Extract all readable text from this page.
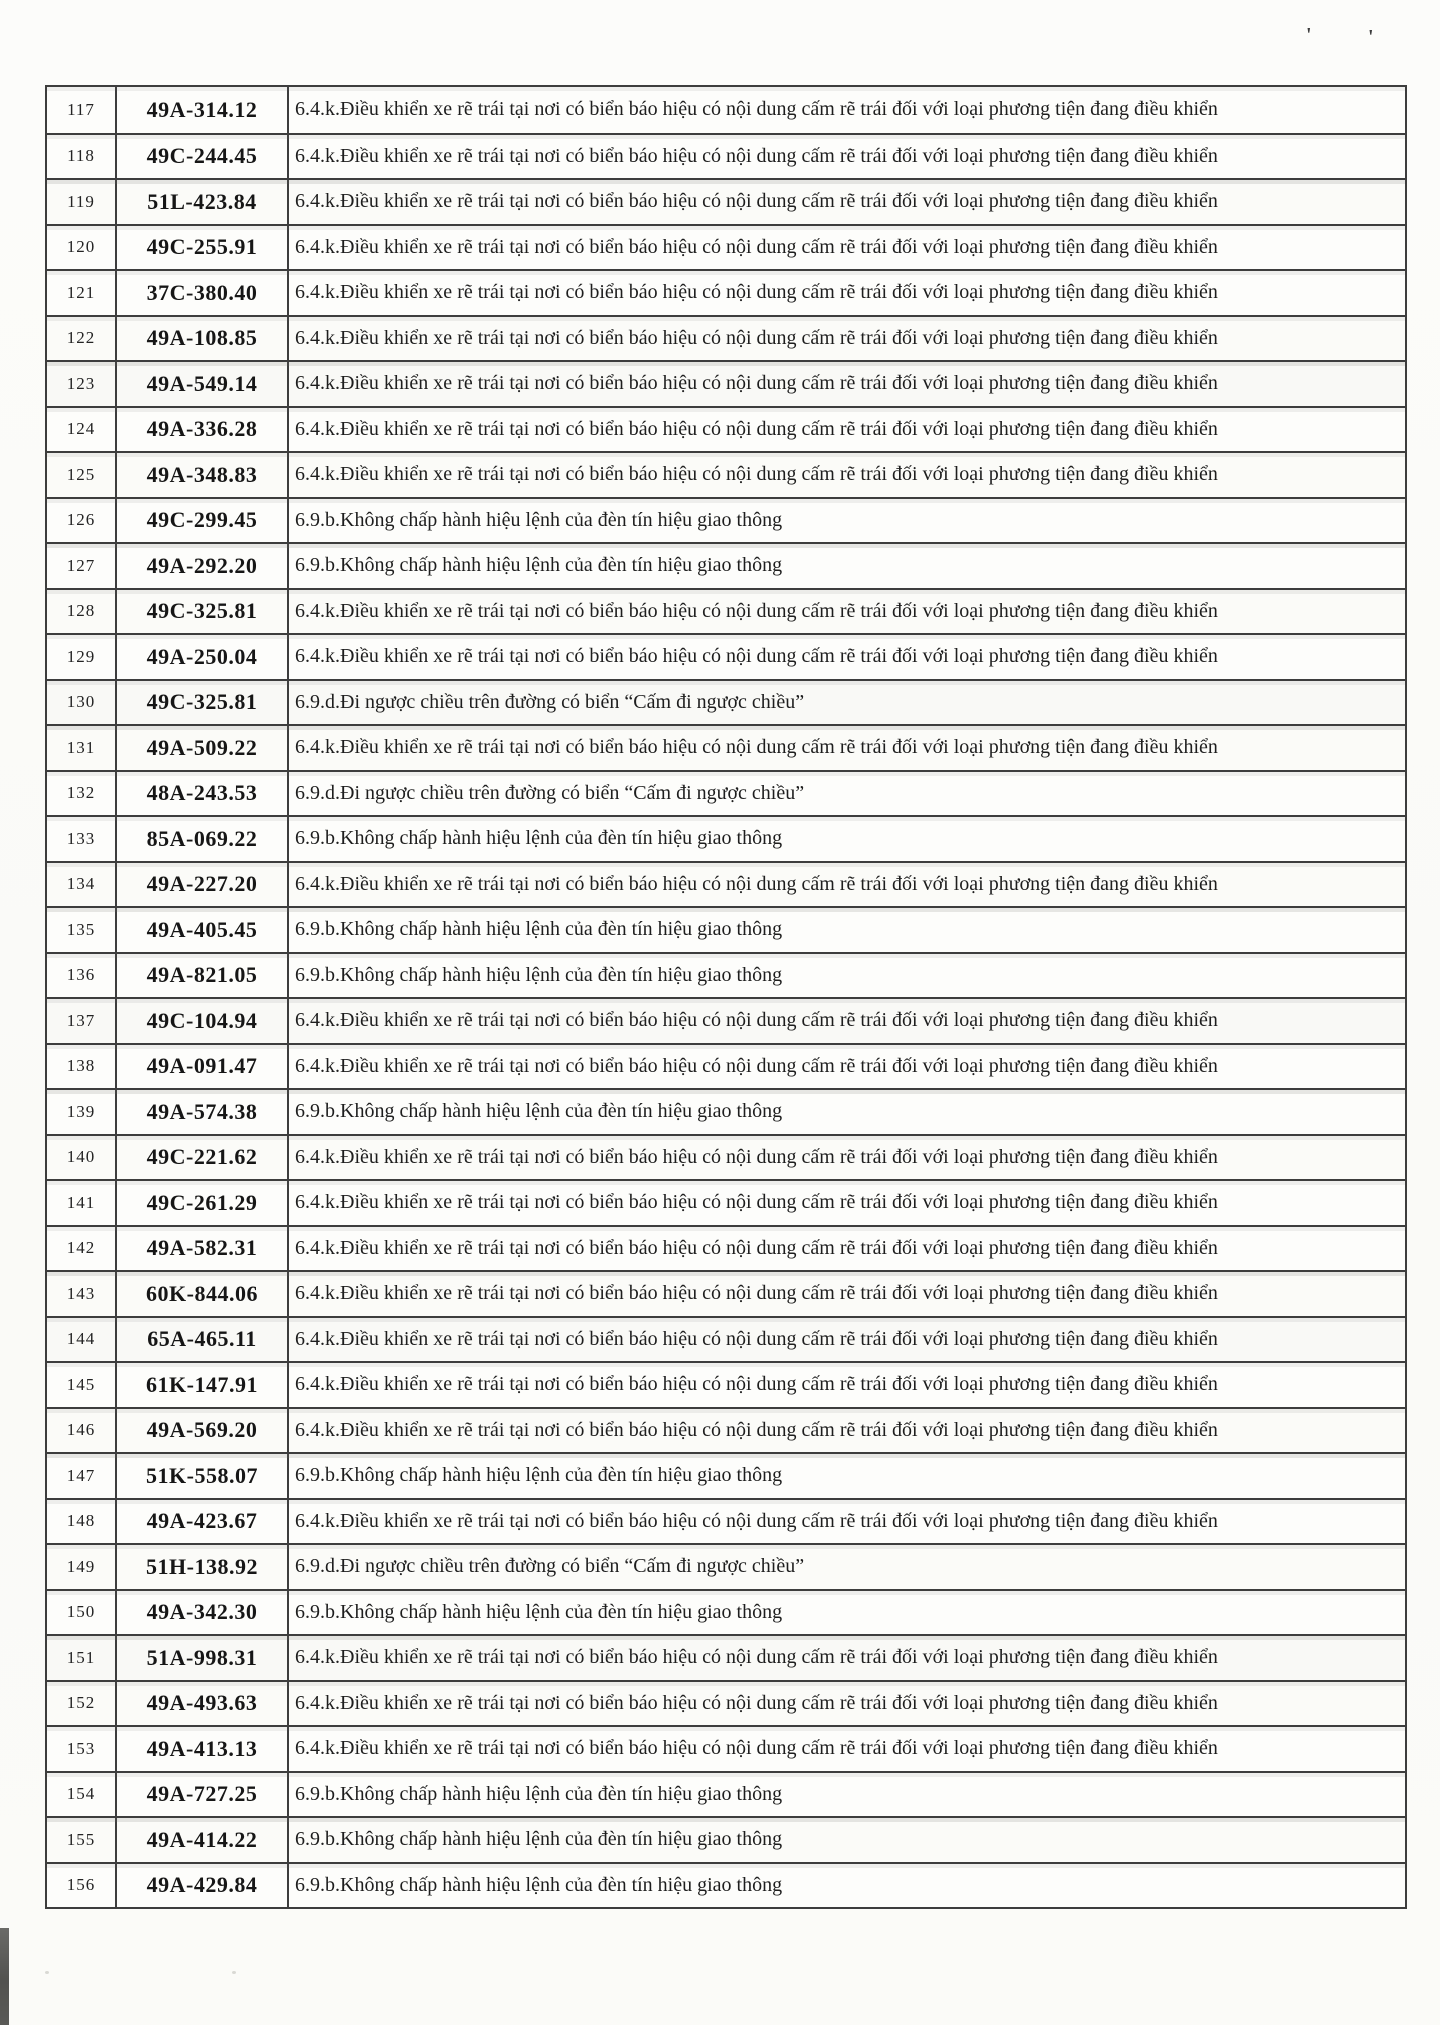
'	'
117	49A-314.12	6.4.k.Điều khiển xe rẽ trái tại nơi có biển báo hiệu có nội dung cấm rẽ trái đối với loại phương tiện đang điều khiển
118	49C-244.45	6.4.k.Điều khiển xe rẽ trái tại nơi có biển báo hiệu có nội dung cấm rẽ trái đối với loại phương tiện đang điều khiển
119	51L-423.84	6.4.k.Điều khiển xe rẽ trái tại nơi có biển báo hiệu có nội dung cấm rẽ trái đối với loại phương tiện đang điều khiển
120	49C-255.91	6.4.k.Điều khiển xe rẽ trái tại nơi có biển báo hiệu có nội dung cấm rẽ trái đối với loại phương tiện đang điều khiển
121	37C-380.40	6.4.k.Điều khiển xe rẽ trái tại nơi có biển báo hiệu có nội dung cấm rẽ trái đối với loại phương tiện đang điều khiển
122	49A-108.85	6.4.k.Điều khiển xe rẽ trái tại nơi có biển báo hiệu có nội dung cấm rẽ trái đối với loại phương tiện đang điều khiển
123	49A-549.14	6.4.k.Điều khiển xe rẽ trái tại nơi có biển báo hiệu có nội dung cấm rẽ trái đối với loại phương tiện đang điều khiển
124	49A-336.28	6.4.k.Điều khiển xe rẽ trái tại nơi có biển báo hiệu có nội dung cấm rẽ trái đối với loại phương tiện đang điều khiển
125	49A-348.83	6.4.k.Điều khiển xe rẽ trái tại nơi có biển báo hiệu có nội dung cấm rẽ trái đối với loại phương tiện đang điều khiển
126	49C-299.45	6.9.b.Không chấp hành hiệu lệnh của đèn tín hiệu giao thông
127	49A-292.20	6.9.b.Không chấp hành hiệu lệnh của đèn tín hiệu giao thông
128	49C-325.81	6.4.k.Điều khiển xe rẽ trái tại nơi có biển báo hiệu có nội dung cấm rẽ trái đối với loại phương tiện đang điều khiển
129	49A-250.04	6.4.k.Điều khiển xe rẽ trái tại nơi có biển báo hiệu có nội dung cấm rẽ trái đối với loại phương tiện đang điều khiển
130	49C-325.81	6.9.d.Đi ngược chiều trên đường có biển “Cấm đi ngược chiều”
131	49A-509.22	6.4.k.Điều khiển xe rẽ trái tại nơi có biển báo hiệu có nội dung cấm rẽ trái đối với loại phương tiện đang điều khiển
132	48A-243.53	6.9.d.Đi ngược chiều trên đường có biển “Cấm đi ngược chiều”
133	85A-069.22	6.9.b.Không chấp hành hiệu lệnh của đèn tín hiệu giao thông
134	49A-227.20	6.4.k.Điều khiển xe rẽ trái tại nơi có biển báo hiệu có nội dung cấm rẽ trái đối với loại phương tiện đang điều khiển
135	49A-405.45	6.9.b.Không chấp hành hiệu lệnh của đèn tín hiệu giao thông
136	49A-821.05	6.9.b.Không chấp hành hiệu lệnh của đèn tín hiệu giao thông
137	49C-104.94	6.4.k.Điều khiển xe rẽ trái tại nơi có biển báo hiệu có nội dung cấm rẽ trái đối với loại phương tiện đang điều khiển
138	49A-091.47	6.4.k.Điều khiển xe rẽ trái tại nơi có biển báo hiệu có nội dung cấm rẽ trái đối với loại phương tiện đang điều khiển
139	49A-574.38	6.9.b.Không chấp hành hiệu lệnh của đèn tín hiệu giao thông
140	49C-221.62	6.4.k.Điều khiển xe rẽ trái tại nơi có biển báo hiệu có nội dung cấm rẽ trái đối với loại phương tiện đang điều khiển
141	49C-261.29	6.4.k.Điều khiển xe rẽ trái tại nơi có biển báo hiệu có nội dung cấm rẽ trái đối với loại phương tiện đang điều khiển
142	49A-582.31	6.4.k.Điều khiển xe rẽ trái tại nơi có biển báo hiệu có nội dung cấm rẽ trái đối với loại phương tiện đang điều khiển
143	60K-844.06	6.4.k.Điều khiển xe rẽ trái tại nơi có biển báo hiệu có nội dung cấm rẽ trái đối với loại phương tiện đang điều khiển
144	65A-465.11	6.4.k.Điều khiển xe rẽ trái tại nơi có biển báo hiệu có nội dung cấm rẽ trái đối với loại phương tiện đang điều khiển
145	61K-147.91	6.4.k.Điều khiển xe rẽ trái tại nơi có biển báo hiệu có nội dung cấm rẽ trái đối với loại phương tiện đang điều khiển
146	49A-569.20	6.4.k.Điều khiển xe rẽ trái tại nơi có biển báo hiệu có nội dung cấm rẽ trái đối với loại phương tiện đang điều khiển
147	51K-558.07	6.9.b.Không chấp hành hiệu lệnh của đèn tín hiệu giao thông
148	49A-423.67	6.4.k.Điều khiển xe rẽ trái tại nơi có biển báo hiệu có nội dung cấm rẽ trái đối với loại phương tiện đang điều khiển
149	51H-138.92	6.9.d.Đi ngược chiều trên đường có biển “Cấm đi ngược chiều”
150	49A-342.30	6.9.b.Không chấp hành hiệu lệnh của đèn tín hiệu giao thông
151	51A-998.31	6.4.k.Điều khiển xe rẽ trái tại nơi có biển báo hiệu có nội dung cấm rẽ trái đối với loại phương tiện đang điều khiển
152	49A-493.63	6.4.k.Điều khiển xe rẽ trái tại nơi có biển báo hiệu có nội dung cấm rẽ trái đối với loại phương tiện đang điều khiển
153	49A-413.13	6.4.k.Điều khiển xe rẽ trái tại nơi có biển báo hiệu có nội dung cấm rẽ trái đối với loại phương tiện đang điều khiển
154	49A-727.25	6.9.b.Không chấp hành hiệu lệnh của đèn tín hiệu giao thông
155	49A-414.22	6.9.b.Không chấp hành hiệu lệnh của đèn tín hiệu giao thông
156	49A-429.84	6.9.b.Không chấp hành hiệu lệnh của đèn tín hiệu giao thông
